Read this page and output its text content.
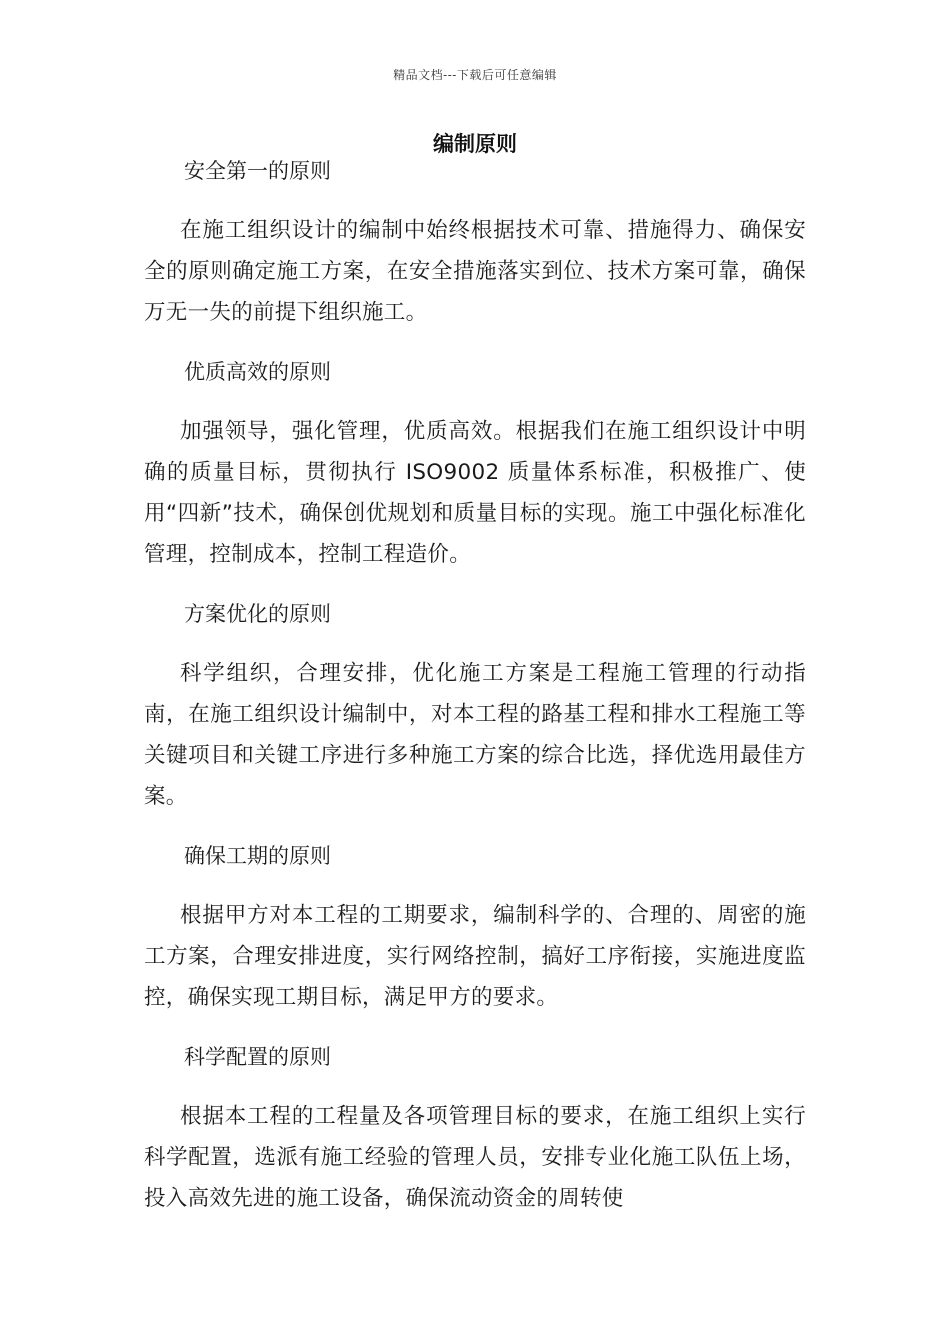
精品文档---下载后可任意编辑
编制原则

安全第一的原则

在施工组织设计的编制中始终根据技术可靠、措施得力、确保安全的原则确定施工方案，在安全措施落实到位、技术方案可靠，确保万无一失的前提下组织施工。

优质高效的原则

加强领导，强化管理，优质高效。根据我们在施工组织设计中明确的质量目标，贯彻执行 ISO9002 质量体系标准，积极推广、使用“四新”技术，确保创优规划和质量目标的实现。施工中强化标准化管理，控制成本，控制工程造价。

方案优化的原则

科学组织，合理安排，优化施工方案是工程施工管理的行动指南，在施工组织设计编制中，对本工程的路基工程和排水工程施工等关键项目和关键工序进行多种施工方案的综合比选，择优选用最佳方案。

确保工期的原则

根据甲方对本工程的工期要求，编制科学的、合理的、周密的施工方案，合理安排进度，实行网络控制，搞好工序衔接，实施进度监控，确保实现工期目标，满足甲方的要求。

科学配置的原则

根据本工程的工程量及各项管理目标的要求，在施工组织上实行科学配置，选派有施工经验的管理人员，安排专业化施工队伍上场，投入高效先进的施工设备，确保流动资金的周转使
